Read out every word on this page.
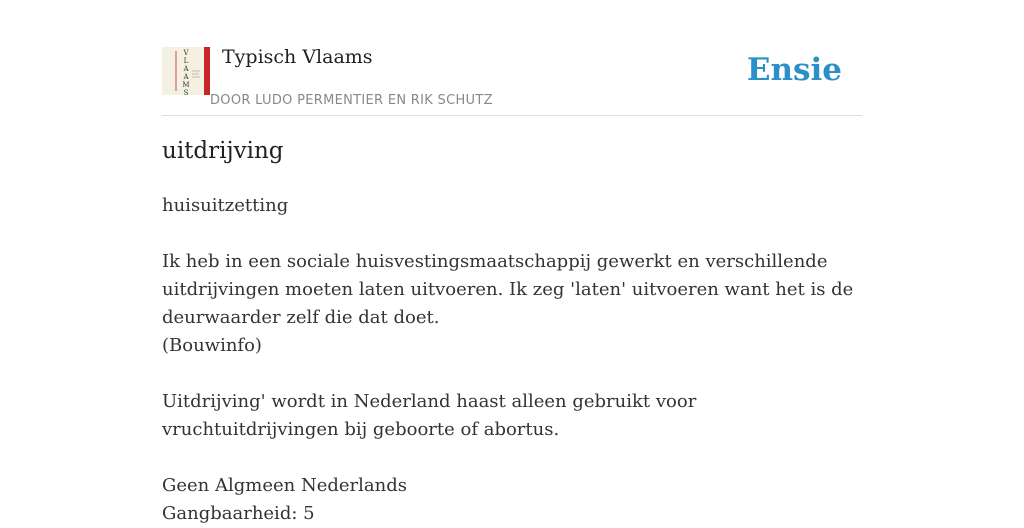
V
L
A
A
M
S
Typisch Vlaams
DOOR LUDO PERMENTIER EN RIK SCHUTZ
Ensie
uitdrijving

huisuitzetting

Ik heb in een sociale huisvestingsmaatschappij gewerkt en verschillende uitdrijvingen moeten laten uitvoeren. Ik zeg 'laten' uitvoeren want het is de deurwaarder zelf die dat doet.

(Bouwinfo)

Uitdrijving' wordt in Nederland haast alleen gebruikt voor vruchtuitdrijvingen bij geboorte of abortus.

Geen Algmeen Nederlands

Gangbaarheid: 5
